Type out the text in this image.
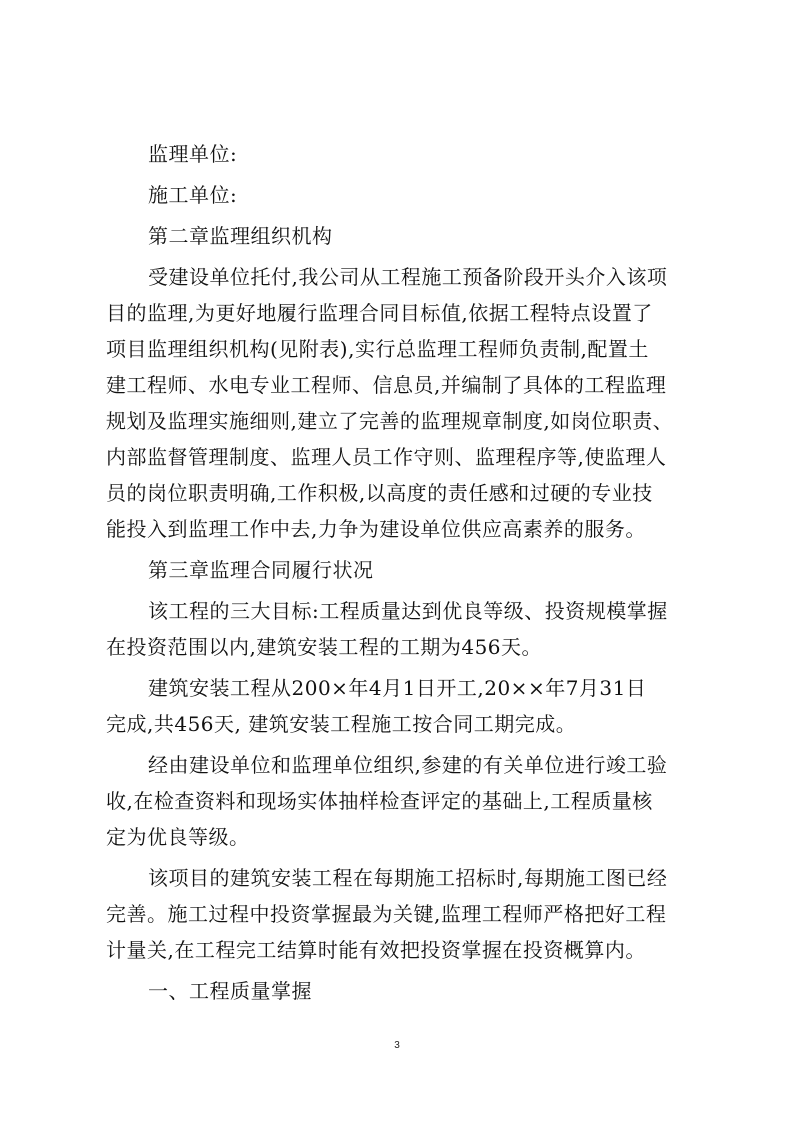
监理单位:
施工单位:
第二章监理组织机构
受建设单位托付,我公司从工程施工预备阶段开头介入该项
目的监理,为更好地履行监理合同目标值,依据工程特点设置了
项目监理组织机构(见附表),实行总监理工程师负责制,配置土
建工程师、水电专业工程师、信息员,并编制了具体的工程监理
规划及监理实施细则,建立了完善的监理规章制度,如岗位职责、
内部监督管理制度、监理人员工作守则、监理程序等,使监理人
员的岗位职责明确,工作积极,以高度的责任感和过硬的专业技
能投入到监理工作中去,力争为建设单位供应高素养的服务。
第三章监理合同履行状况
该工程的三大目标:工程质量达到优良等级、投资规模掌握
在投资范围以内,建筑安装工程的工期为456天。
建筑安装工程从200×年4月1日开工,20××年7月31日
完成,共456天, 建筑安装工程施工按合同工期完成。
经由建设单位和监理单位组织,参建的有关单位进行竣工验
收,在检查资料和现场实体抽样检查评定的基础上,工程质量核
定为优良等级。
该项目的建筑安装工程在每期施工招标时,每期施工图已经
完善。施工过程中投资掌握最为关键,监理工程师严格把好工程
计量关,在工程完工结算时能有效把投资掌握在投资概算内。
一、工程质量掌握
3
